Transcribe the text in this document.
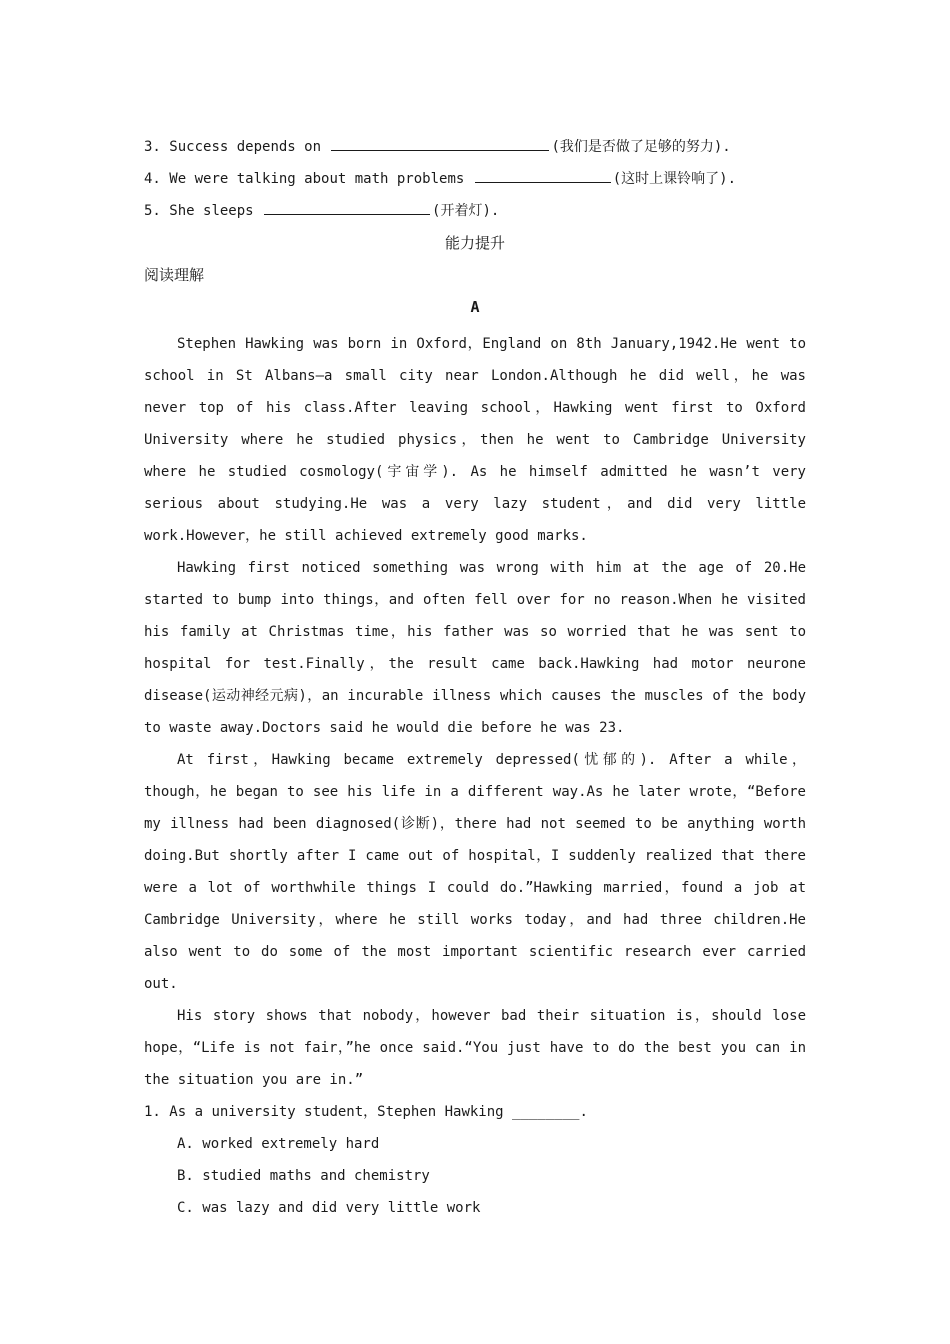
3. Success depends on	(我们是否做了足够的努力).
4. We were talking about math problems	(这时上课铃响了).
5. She sleeps	(开着灯).
能力提升
阅读理解
A

Stephen Hawking was born in Oxford，England on 8th January,1942.He went to school in St Albans—a small city near London.Although he did well，he was never top of his class.After leaving school，Hawking went first to Oxford University where he studied physics，then he went to Cambridge University where he studied cosmology(宇宙学). As he himself admitted he wasn’t very serious about studying.He was a very lazy student，and did very little work.However，he still achieved extremely good marks.

Hawking first noticed something was wrong with him at the age of 20.He started to bump into things，and often fell over for no reason.When he visited his family at Christmas time，his father was so worried that he was sent to hospital for test.Finally，the result came back.Hawking had motor neurone disease(运动神经元病)，an incurable illness which causes the muscles of the body to waste away.Doctors said he would die before he was 23.

At first，Hawking became extremely depressed(忧郁的). After a while，though，he began to see his life in a different way.As he later wrote，“Before my illness had been diagnosed(诊断)，there had not seemed to be anything worth doing.But shortly after I came out of hospital，I suddenly realized that there were a lot of worthwhile things I could do.”Hawking married，found a job at Cambridge University，where he still works today，and had three children.He also went to do some of the most important scientific research ever carried out.

His story shows that nobody，however bad their situation is，should lose hope，“Life is not fair，”he once said.“You just have to do the best you can in the situation you are in.”

1. As a university student，Stephen Hawking ________.

A. worked extremely hard

B. studied maths and chemistry

C. was lazy and did very little work
